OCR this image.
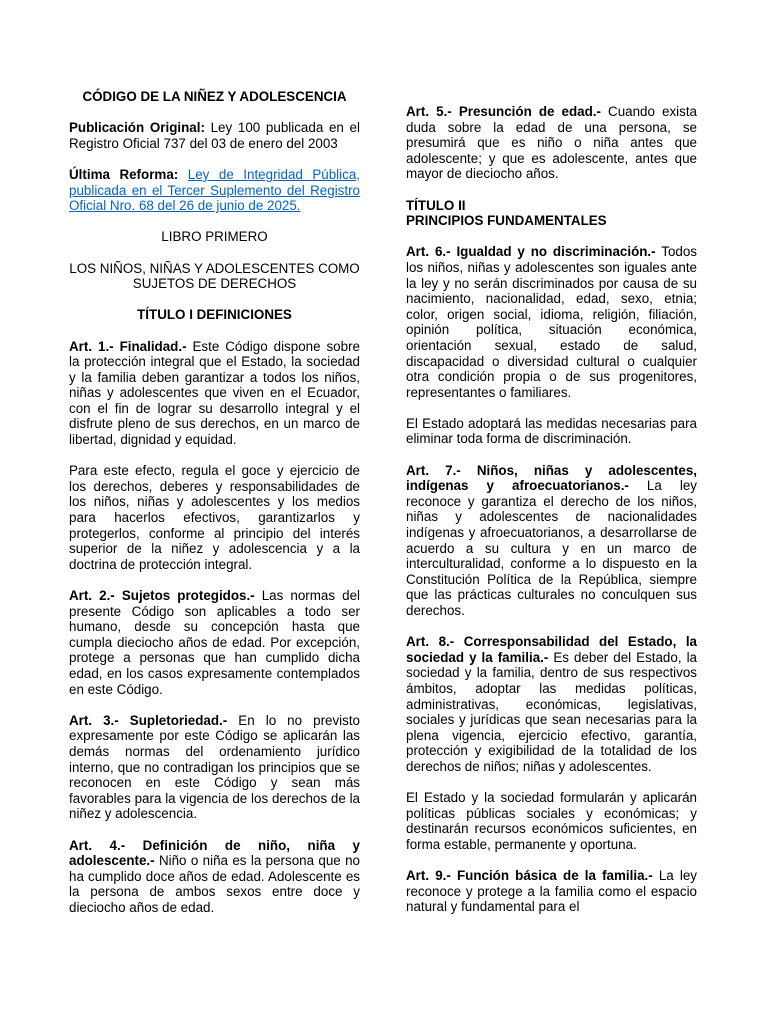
CÓDIGO DE LA NIÑEZ Y ADOLESCENCIA

Publicación Original: Ley 100 publicada en el Registro Oficial 737 del 03 de enero del 2003

Última Reforma: Ley de Integridad Pública, publicada en el Tercer Suplemento del Registro Oficial Nro. 68 del 26 de junio de 2025.

LIBRO PRIMERO

LOS NIÑOS, NIÑAS Y ADOLESCENTES COMO SUJETOS DE DERECHOS

TÍTULO I DEFINICIONES

Art. 1.- Finalidad.- Este Código dispone sobre la protección integral que el Estado, la sociedad y la familia deben garantizar a todos los niños, niñas y adolescentes que viven en el Ecuador, con el fin de lograr su desarrollo integral y el disfrute pleno de sus derechos, en un marco de libertad, dignidad y equidad.

Para este efecto, regula el goce y ejercicio de los derechos, deberes y responsabilidades de los niños, niñas y adolescentes y los medios para hacerlos efectivos, garantizarlos y protegerlos, conforme al principio del interés superior de la niñez y adolescencia y a la doctrina de protección integral.

Art. 2.- Sujetos protegidos.- Las normas del presente Código son aplicables a todo ser humano, desde su concepción hasta que cumpla dieciocho años de edad. Por excepción, protege a personas que han cumplido dicha edad, en los casos expresamente contemplados en este Código.

Art. 3.- Supletoriedad.- En lo no previsto expresamente por este Código se aplicarán las demás normas del ordenamiento jurídico interno, que no contradigan los principios que se reconocen en este Código y sean más favorables para la vigencia de los derechos de la niñez y adolescencia.

Art. 4.- Definición de niño, niña y adolescente.- Niño o niña es la persona que no ha cumplido doce años de edad. Adolescente es la persona de ambos sexos entre doce y dieciocho años de edad.

Art. 5.- Presunción de edad.- Cuando exista duda sobre la edad de una persona, se presumirá que es niño o niña antes que adolescente; y que es adolescente, antes que mayor de dieciocho años.

TÍTULO II
PRINCIPIOS FUNDAMENTALES

Art. 6.- Igualdad y no discriminación.- Todos los niños, niñas y adolescentes son iguales ante la ley y no serán discriminados por causa de su nacimiento, nacionalidad, edad, sexo, etnia; color, origen social, idioma, religión, filiación, opinión política, situación económica, orientación sexual, estado de salud, discapacidad o diversidad cultural o cualquier otra condición propia o de sus progenitores, representantes o familiares.

El Estado adoptará las medidas necesarias para eliminar toda forma de discriminación.

Art. 7.- Niños, niñas y adolescentes, indígenas y afroecuatorianos.- La ley reconoce y garantiza el derecho de los niños, niñas y adolescentes de nacionalidades indígenas y afroecuatorianos, a desarrollarse de acuerdo a su cultura y en un marco de interculturalidad, conforme a lo dispuesto en la Constitución Política de la República, siempre que las prácticas culturales no conculquen sus derechos.

Art. 8.- Corresponsabilidad del Estado, la sociedad y la familia.- Es deber del Estado, la sociedad y la familia, dentro de sus respectivos ámbitos, adoptar las medidas políticas, administrativas, económicas, legislativas, sociales y jurídicas que sean necesarias para la plena vigencia, ejercicio efectivo, garantía, protección y exigibilidad de la totalidad de los derechos de niños; niñas y adolescentes.

El Estado y la sociedad formularán y aplicarán políticas públicas sociales y económicas; y destinarán recursos económicos suficientes, en forma estable, permanente y oportuna.

Art. 9.- Función básica de la familia.- La ley reconoce y protege a la familia como el espacio natural y fundamental para el
